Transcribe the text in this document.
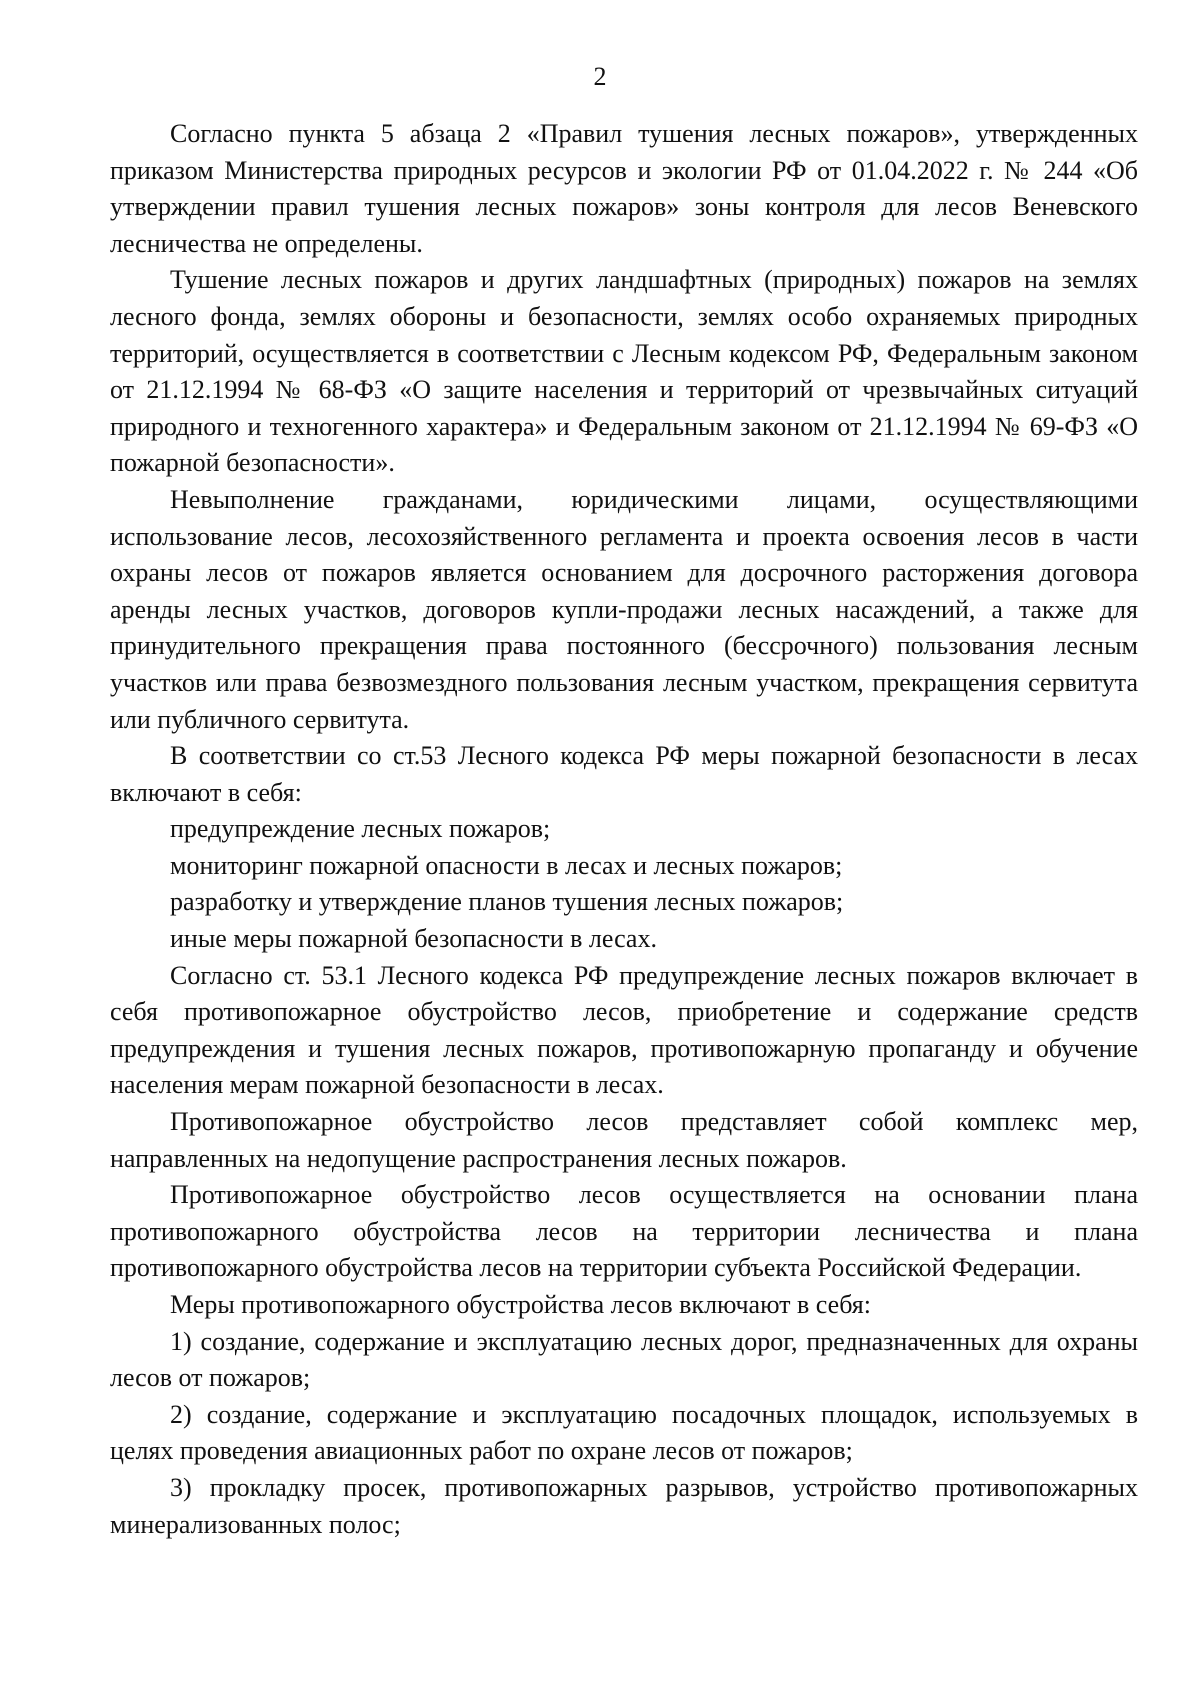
2

Согласно пункта 5 абзаца 2 «Правил тушения лесных пожаров», утвержденных приказом Министерства природных ресурсов и экологии РФ от 01.04.2022 г. № 244 «Об утверждении правил тушения лесных пожаров» зоны контроля для лесов Веневского лесничества не определены.

Тушение лесных пожаров и других ландшафтных (природных) пожаров на землях лесного фонда, землях обороны и безопасности, землях особо охраняемых природных территорий, осуществляется в соответствии с Лесным кодексом РФ, Федеральным законом от 21.12.1994 № 68-ФЗ «О защите населения и территорий от чрезвычайных ситуаций природного и техногенного характера» и Федеральным законом от 21.12.1994 № 69-ФЗ «О пожарной безопасности».

Невыполнение гражданами, юридическими лицами, осуществляющими использование лесов, лесохозяйственного регламента и проекта освоения лесов в части охраны лесов от пожаров является основанием для досрочного расторжения договора аренды лесных участков, договоров купли-продажи лесных насаждений, а также для принудительного прекращения права постоянного (бессрочного) пользования лесным участков или права безвозмездного пользования лесным участком, прекращения сервитута или публичного сервитута.

В соответствии со ст.53 Лесного кодекса РФ меры пожарной безопасности в лесах включают в себя:

предупреждение лесных пожаров;

мониторинг пожарной опасности в лесах и лесных пожаров;

разработку и утверждение планов тушения лесных пожаров;

иные меры пожарной безопасности в лесах.

Согласно ст. 53.1 Лесного кодекса РФ предупреждение лесных пожаров включает в себя противопожарное обустройство лесов, приобретение и содержание средств предупреждения и тушения лесных пожаров, противопожарную пропаганду и обучение населения мерам пожарной безопасности в лесах.

Противопожарное обустройство лесов представляет собой комплекс мер, направленных на недопущение распространения лесных пожаров.

Противопожарное обустройство лесов осуществляется на основании плана противопожарного обустройства лесов на территории лесничества и плана противопожарного обустройства лесов на территории субъекта Российской Федерации.

Меры противопожарного обустройства лесов включают в себя:

1) создание, содержание и эксплуатацию лесных дорог, предназначенных для охраны лесов от пожаров;

2) создание, содержание и эксплуатацию посадочных площадок, используемых в целях проведения авиационных работ по охране лесов от пожаров;

3) прокладку просек, противопожарных разрывов, устройство противопожарных минерализованных полос;
